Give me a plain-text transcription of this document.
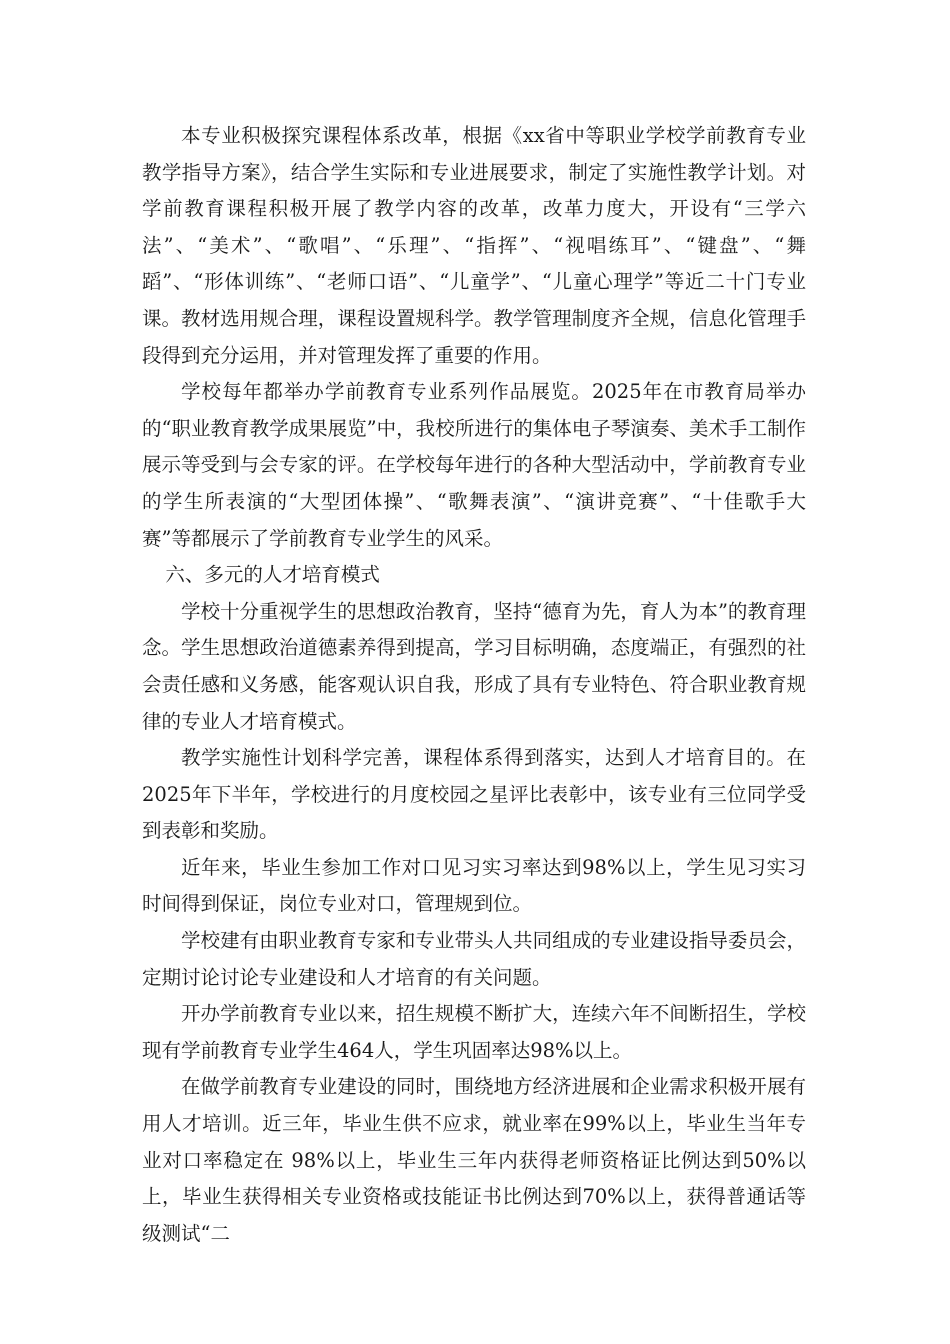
本专业积极探究课程体系改革，根据《xx省中等职业学校学前教育专业教学指导方案》，结合学生实际和专业进展要求，制定了实施性教学计划。对学前教育课程积极开展了教学内容的改革，改革力度大，开设有“三学六法”、“美术”、“歌唱”、“乐理”、“指挥”、“视唱练耳”、“键盘”、“舞蹈”、“形体训练”、“老师口语”、“儿童学”、“儿童心理学”等近二十门专业课。教材选用规合理，课程设置规科学。教学管理制度齐全规，信息化管理手段得到充分运用，并对管理发挥了重要的作用。

学校每年都举办学前教育专业系列作品展览。2025年在市教育局举办的“职业教育教学成果展览”中，我校所进行的集体电子琴演奏、美术手工制作展示等受到与会专家的评。在学校每年进行的各种大型活动中，学前教育专业的学生所表演的“大型团体操”、“歌舞表演”、“演讲竞赛”、“十佳歌手大赛”等都展示了学前教育专业学生的风采。

六、多元的人才培育模式

学校十分重视学生的思想政治教育，坚持“德育为先，育人为本”的教育理念。学生思想政治道德素养得到提高，学习目标明确，态度端正，有强烈的社会责任感和义务感，能客观认识自我，形成了具有专业特色、符合职业教育规律的专业人才培育模式。

教学实施性计划科学完善，课程体系得到落实，达到人才培育目的。在2025年下半年，学校进行的月度校园之星评比表彰中，该专业有三位同学受到表彰和奖励。

近年来，毕业生参加工作对口见习实习率达到98%以上，学生见习实习时间得到保证，岗位专业对口，管理规到位。

学校建有由职业教育专家和专业带头人共同组成的专业建设指导委员会，定期讨论讨论专业建设和人才培育的有关问题。

开办学前教育专业以来，招生规模不断扩大，连续六年不间断招生，学校现有学前教育专业学生464人，学生巩固率达98%以上。

在做学前教育专业建设的同时，围绕地方经济进展和企业需求积极开展有用人才培训。近三年，毕业生供不应求，就业率在99%以上，毕业生当年专业对口率稳定在 98%以上，毕业生三年内获得老师资格证比例达到50%以上，毕业生获得相关专业资格或技能证书比例达到70%以上，获得普通话等级测试“二
